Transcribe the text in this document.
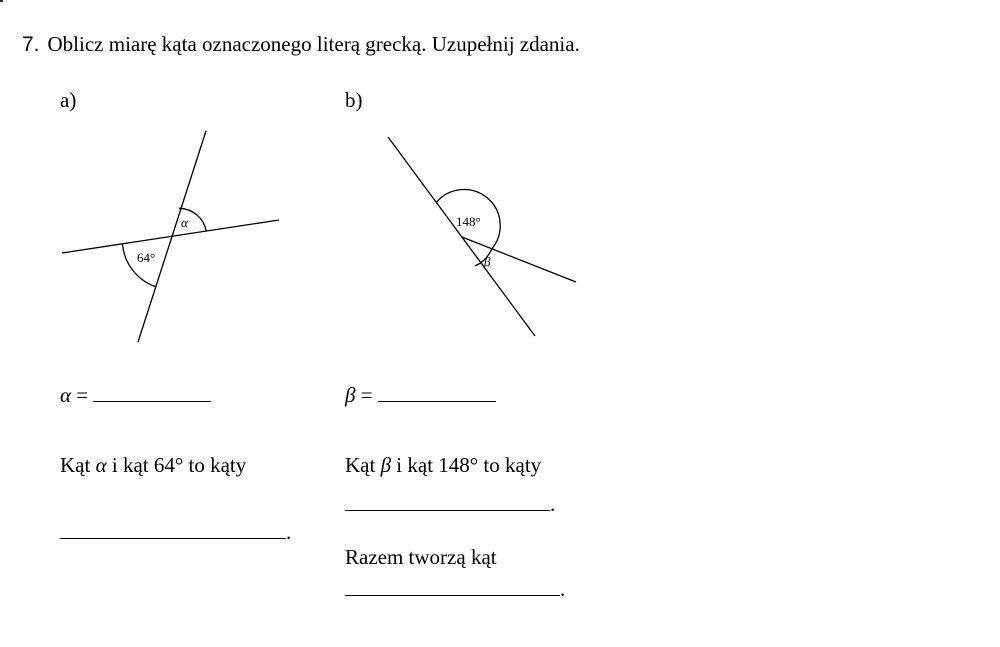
7. Oblicz miarę kąta oznaczonego literą grecką. Uzupełnij zdania.
a)	b)
α
64°
148°
β
α =	β =
Kąt α i kąt 64° to kąty
.
Kąt β i kąt 148° to kąty
.
Razem tworzą kąt
.
